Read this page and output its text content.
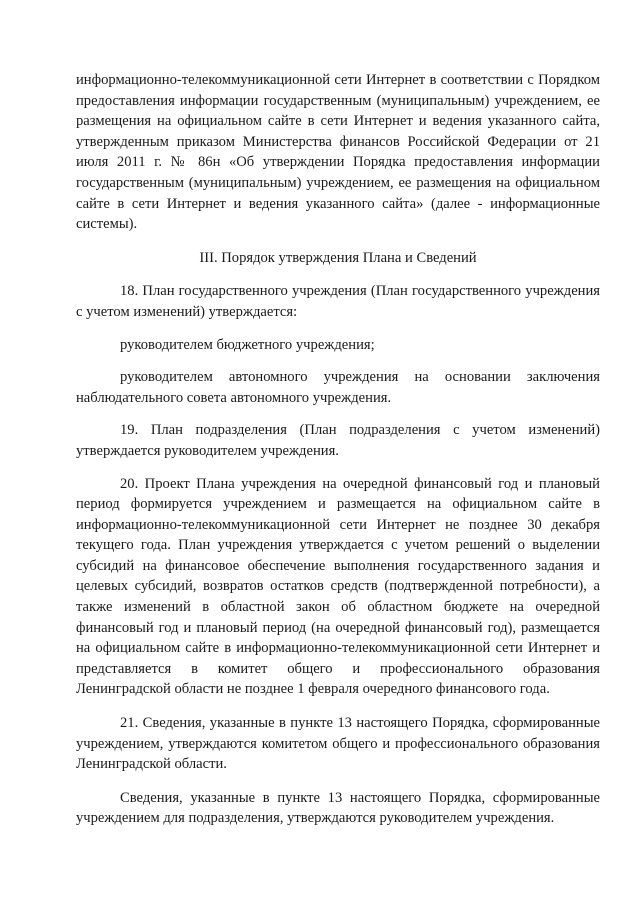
информационно-телекоммуникационной сети Интернет в соответствии с Порядком предоставления информации государственным (муниципальным) учреждением, ее размещения на официальном сайте в сети Интернет и ведения указанного сайта, утвержденным приказом Министерства финансов Российской Федерации от 21 июля 2011 г. № 86н «Об утверждении Порядка предоставления информации государственным (муниципальным) учреждением, ее размещения на официальном сайте в сети Интернет и ведения указанного сайта» (далее - информационные системы).

III. Порядок утверждения Плана и Сведений

18. План государственного учреждения (План государственного учреждения с учетом изменений) утверждается:

руководителем бюджетного учреждения;

руководителем автономного учреждения на основании заключения наблюдательного совета автономного учреждения.

19. План подразделения (План подразделения с учетом изменений) утверждается руководителем учреждения.

20. Проект Плана учреждения на очередной финансовый год и плановый период формируется учреждением и размещается на официальном сайте в информационно-телекоммуникационной сети Интернет не позднее 30 декабря текущего года. План учреждения утверждается с учетом решений о выделении субсидий на финансовое обеспечение выполнения государственного задания и целевых субсидий, возвратов остатков средств (подтвержденной потребности), а также изменений в областной закон об областном бюджете на очередной финансовый год и плановый период (на очередной финансовый год), размещается на официальном сайте в информационно-телекоммуникационной сети Интернет и представляется в комитет общего и профессионального образования Ленинградской области не позднее 1 февраля очередного финансового года.

21. Сведения, указанные в пункте 13 настоящего Порядка, сформированные учреждением, утверждаются комитетом общего и профессионального образования Ленинградской области.

Сведения, указанные в пункте 13 настоящего Порядка, сформированные учреждением для подразделения, утверждаются руководителем учреждения.
